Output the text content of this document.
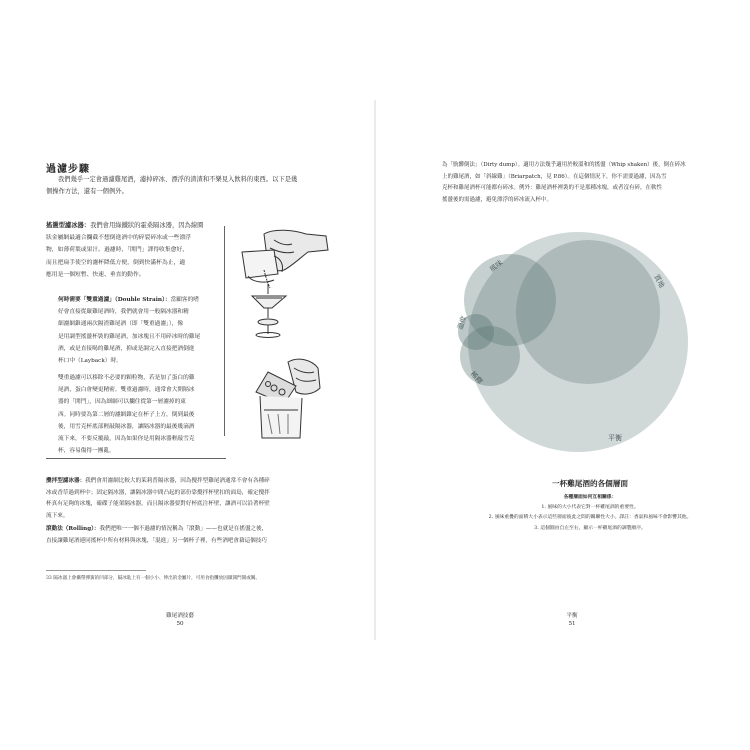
過濾步驟
我們幾乎一定會過濾雞尾酒，濾掉碎冰、漂浮的渣渣和不樂見入飲料的東西。以下是幾
個操作方法，還有一個例外。
搖盪型濾冰器：我們會用綠鐵狀的霍桑隔冰器，因為線圈
狀金屬網最適合攔截不想倒進酒中的碎裂碎冰或一些漂浮
物，如薄荷葉或果汁。過濾時，「開門」譯得收集愈好，
而且把扁手使空的濾杯降低方便，倒到快滿杯為止，適
應用是一個短暫、快速、垂直的動作。
何時需要「雙重過濾」（Double Strain）：當顧客的嗜
好會直接從嚴雞尾酒時，我們就會用一般隔冰器和精
細濾網錐通兩次隔渣雞尾酒（即「雙重過濾」），像
是用調型搖盪杯裝的雞尾酒，加冰塊且不用碎冰時的雞尾
酒，或是直接喝的雞尾酒，抑或是調完入直接把酒倒進
杯口中（Layback）時。
雙重過濾可以移除不必要的顆粒物，若是加了蛋白的雞
尾酒，蛋白會變更精密。雙重過濾時，通常會大開隔冰
器的「開門」，因為細網可以攔住從第一層濾掉的東
西。同時要為第二層的濾網錐定在杯子上方，倒到最後
後，用雪克杯底部輕敲隔冰器，讓隔冰器的最後幾滴酒
流下來，不要反覆敲，因為如果你是用隔冰器輕敲雪克
杯，容易傷得一團亂。
攪拌型濾冰器：我們會用濾網比較大的茱莉普隔冰器，因為攪拌型雞尾酒通常不會有各種碎
冰或香草過到杯中；固定隔冰器，讓隔冰器中間凸起的部份靠攪拌杯壁扣的面島，確定攪拌
杯真有足夠的冰塊，確碟子能架隔冰器，而且隔冰器要對好杯底注杯壁，讓酒可以沿著杯壁
流下來。
滾動法（Rolling）：我們把唯一一個不過濾的情況稱為「滾動」——也就是在搖盪之後，
直接讓雞尾酒連同搖杯中所有材料與冰塊，「混進」另一個杯子裡，有些酒吧會藉這個技巧
33 隔冰器上會攜帶彈簧的凹部分，隔冰匙上有一個小小、伸出的金屬片，可用食指攤放固鎖開門開或關。
雞尾酒技藝
50
為「骯髒倒法」（Dirty dump）。適用方法幾乎適用於較溫和的搖盪（Whip shaken）後，倒在碎冰
上的雞尾酒，如「斜線雞」（Briarpatch，見 P.86）。在這個情況下，你不需要過濾，因為雪
克杯和雞尾酒杯可能都有碎冰。例外：雞尾酒杯裡裝的不是那種冰塊，或者沒有碎，在軟性
搖盪後的需過濾，避免漂浮的碎冰流入杯中。
風味
質地
溫度
稀釋
平衡
一杯雞尾酒的各個層面
各種層面如何互相關係：
1. 風味的大小代表它對一杯雞尾酒的重要性。
2. 風味重疊的面積大小表示這些層面彼此之間的關聯性大小。譯註：香氣和風味不會影響其他。
3. 這個圓由自左至右，顯示一杯雞尾酒的調製順序。
平衡
51
